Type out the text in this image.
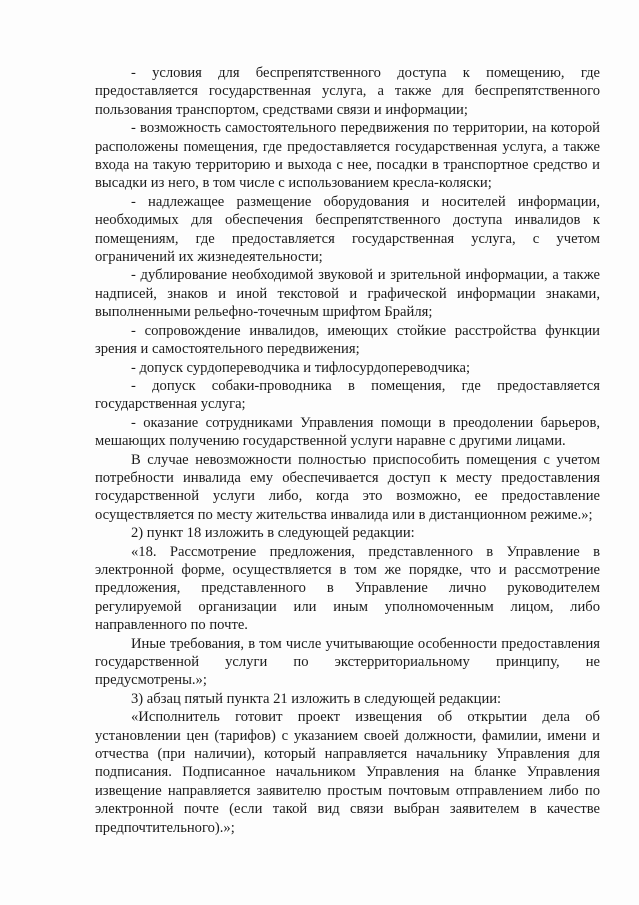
- условия для беспрепятственного доступа к помещению, где предоставляется государственная услуга, а также для беспрепятственного пользования транспортом, средствами связи и информации;

- возможность самостоятельного передвижения по территории, на которой расположены помещения, где предоставляется государственная услуга, а также входа на такую территорию и выхода с нее, посадки в транспортное средство и высадки из него, в том числе с использованием кресла-коляски;

- надлежащее размещение оборудования и носителей информации, необходимых для обеспечения беспрепятственного доступа инвалидов к помещениям, где предоставляется государственная услуга, с учетом ограничений их жизнедеятельности;

- дублирование необходимой звуковой и зрительной информации, а также надписей, знаков и иной текстовой и графической информации знаками, выполненными рельефно-точечным шрифтом Брайля;

- сопровождение инвалидов, имеющих стойкие расстройства функции зрения и самостоятельного передвижения;

- допуск сурдопереводчика и тифлосурдопереводчика;

- допуск собаки-проводника в помещения, где предоставляется государственная услуга;

- оказание сотрудниками Управления помощи в преодолении барьеров, мешающих получению государственной услуги наравне с другими лицами.

В случае невозможности полностью приспособить помещения с учетом потребности инвалида ему обеспечивается доступ к месту предоставления государственной услуги либо, когда это возможно, ее предоставление осуществляется по месту жительства инвалида или в дистанционном режиме.»;

2) пункт 18 изложить в следующей редакции:

«18. Рассмотрение предложения, представленного в Управление в электронной форме, осуществляется в том же порядке, что и рассмотрение предложения, представленного в Управление лично руководителем регулируемой организации или иным уполномоченным лицом, либо направленного по почте.

Иные требования, в том числе учитывающие особенности предоставления государственной услуги по экстерриториальному принципу, не предусмотрены.»;

3) абзац пятый пункта 21 изложить в следующей редакции:

«Исполнитель готовит проект извещения об открытии дела об установлении цен (тарифов) с указанием своей должности, фамилии, имени и отчества (при наличии), который направляется начальнику Управления для подписания. Подписанное начальником Управления на бланке Управления извещение направляется заявителю простым почтовым отправлением либо по электронной почте (если такой вид связи выбран заявителем в качестве предпочтительного).»;
